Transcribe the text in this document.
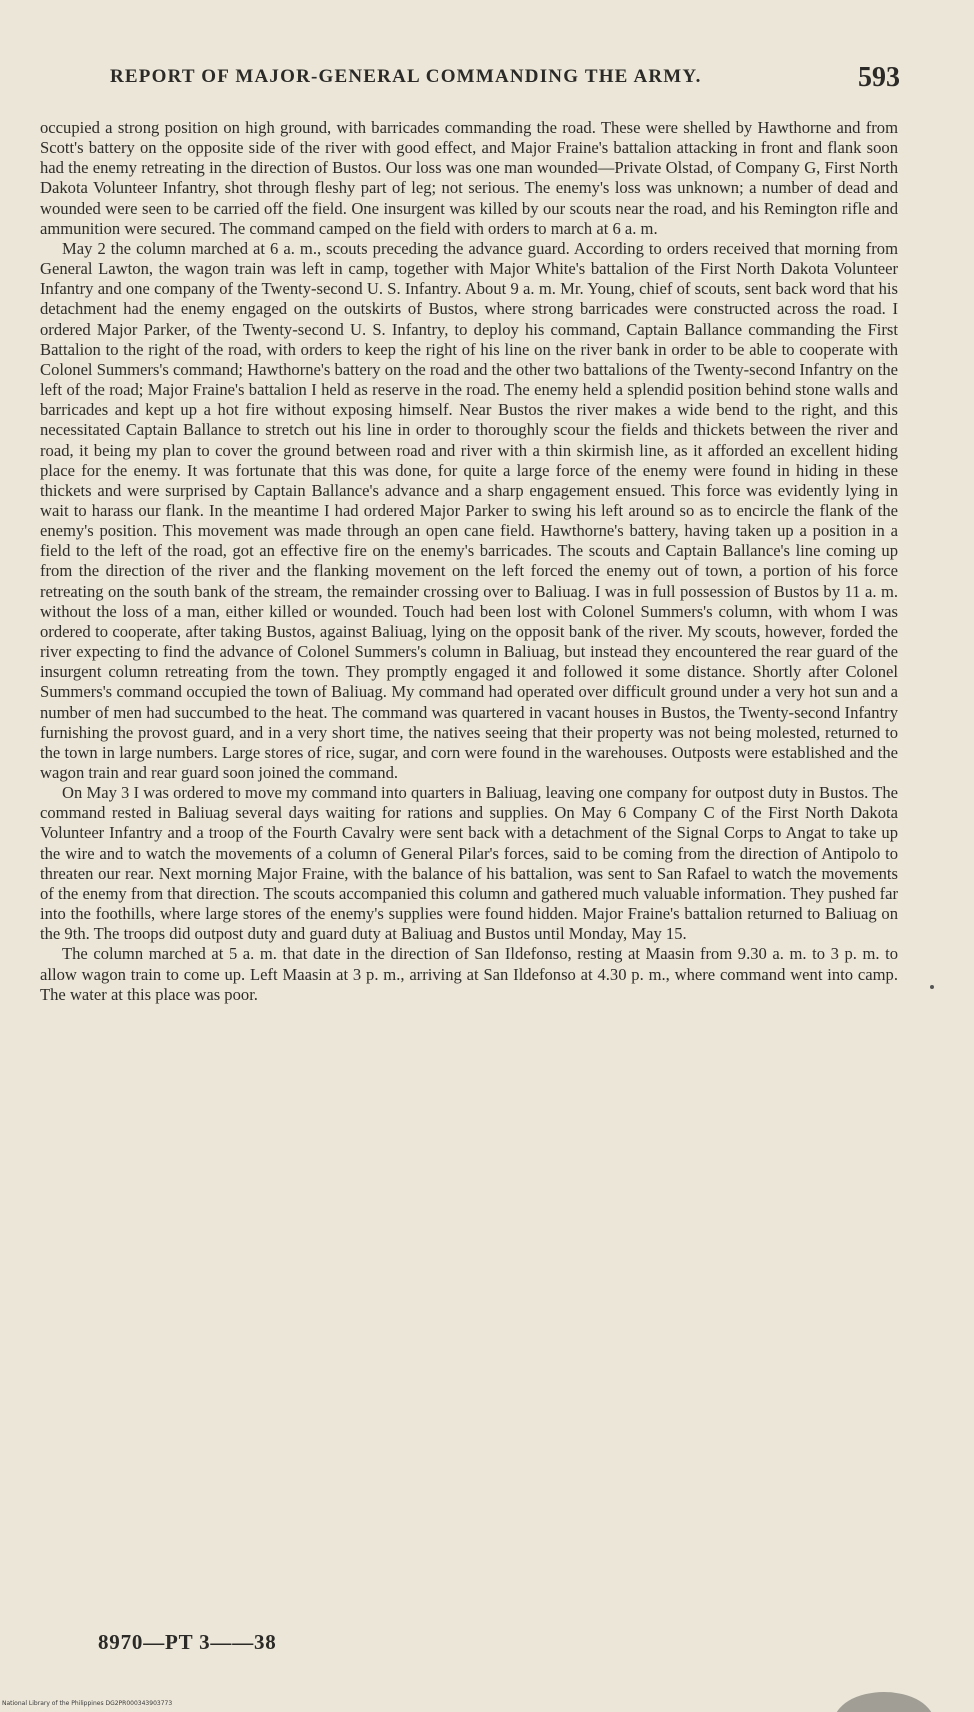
REPORT OF MAJOR-GENERAL COMMANDING THE ARMY.	593

occupied a strong position on high ground, with barricades commanding the road. These were shelled by Hawthorne and from Scott's battery on the opposite side of the river with good effect, and Major Fraine's battalion attacking in front and flank soon had the enemy retreating in the direction of Bustos. Our loss was one man wounded—Private Olstad, of Company G, First North Dakota Volunteer Infantry, shot through fleshy part of leg; not serious. The enemy's loss was unknown; a number of dead and wounded were seen to be carried off the field. One insurgent was killed by our scouts near the road, and his Remington rifle and ammunition were secured. The command camped on the field with orders to march at 6 a. m.

May 2 the column marched at 6 a. m., scouts preceding the advance guard. According to orders received that morning from General Lawton, the wagon train was left in camp, together with Major White's battalion of the First North Dakota Volunteer Infantry and one company of the Twenty-second U. S. Infantry. About 9 a. m. Mr. Young, chief of scouts, sent back word that his detachment had the enemy engaged on the outskirts of Bustos, where strong barricades were constructed across the road. I ordered Major Parker, of the Twenty-second U. S. Infantry, to deploy his command, Captain Ballance commanding the First Battalion to the right of the road, with orders to keep the right of his line on the river bank in order to be able to cooperate with Colonel Summers's command; Hawthorne's battery on the road and the other two battalions of the Twenty-second Infantry on the left of the road; Major Fraine's battalion I held as reserve in the road. The enemy held a splendid position behind stone walls and barricades and kept up a hot fire without exposing himself. Near Bustos the river makes a wide bend to the right, and this necessitated Captain Ballance to stretch out his line in order to thoroughly scour the fields and thickets between the river and road, it being my plan to cover the ground between road and river with a thin skirmish line, as it afforded an excellent hiding place for the enemy. It was fortunate that this was done, for quite a large force of the enemy were found in hiding in these thickets and were surprised by Captain Ballance's advance and a sharp engagement ensued. This force was evidently lying in wait to harass our flank. In the meantime I had ordered Major Parker to swing his left around so as to encircle the flank of the enemy's position. This movement was made through an open cane field. Hawthorne's battery, having taken up a position in a field to the left of the road, got an effective fire on the enemy's barricades. The scouts and Captain Ballance's line coming up from the direction of the river and the flanking movement on the left forced the enemy out of town, a portion of his force retreating on the south bank of the stream, the remainder crossing over to Baliuag. I was in full possession of Bustos by 11 a. m. without the loss of a man, either killed or wounded. Touch had been lost with Colonel Summers's column, with whom I was ordered to cooperate, after taking Bustos, against Baliuag, lying on the opposit bank of the river. My scouts, however, forded the river expecting to find the advance of Colonel Summers's column in Baliuag, but instead they encountered the rear guard of the insurgent column retreating from the town. They promptly engaged it and followed it some distance. Shortly after Colonel Summers's command occupied the town of Baliuag. My command had operated over difficult ground under a very hot sun and a number of men had succumbed to the heat. The command was quartered in vacant houses in Bustos, the Twenty-second Infantry furnishing the provost guard, and in a very short time, the natives seeing that their property was not being molested, returned to the town in large numbers. Large stores of rice, sugar, and corn were found in the warehouses. Outposts were established and the wagon train and rear guard soon joined the command.

On May 3 I was ordered to move my command into quarters in Baliuag, leaving one company for outpost duty in Bustos. The command rested in Baliuag several days waiting for rations and supplies. On May 6 Company C of the First North Dakota Volunteer Infantry and a troop of the Fourth Cavalry were sent back with a detachment of the Signal Corps to Angat to take up the wire and to watch the movements of a column of General Pilar's forces, said to be coming from the direction of Antipolo to threaten our rear. Next morning Major Fraine, with the balance of his battalion, was sent to San Rafael to watch the movements of the enemy from that direction. The scouts accompanied this column and gathered much valuable information. They pushed far into the foothills, where large stores of the enemy's supplies were found hidden. Major Fraine's battalion returned to Baliuag on the 9th. The troops did outpost duty and guard duty at Baliuag and Bustos until Monday, May 15.

The column marched at 5 a. m. that date in the direction of San Ildefonso, resting at Maasin from 9.30 a. m. to 3 p. m. to allow wagon train to come up. Left Maasin at 3 p. m., arriving at San Ildefonso at 4.30 p. m., where command went into camp. The water at this place was poor.

8970—PT 3——38
National Library of the Philippines DG2PR000343903773
